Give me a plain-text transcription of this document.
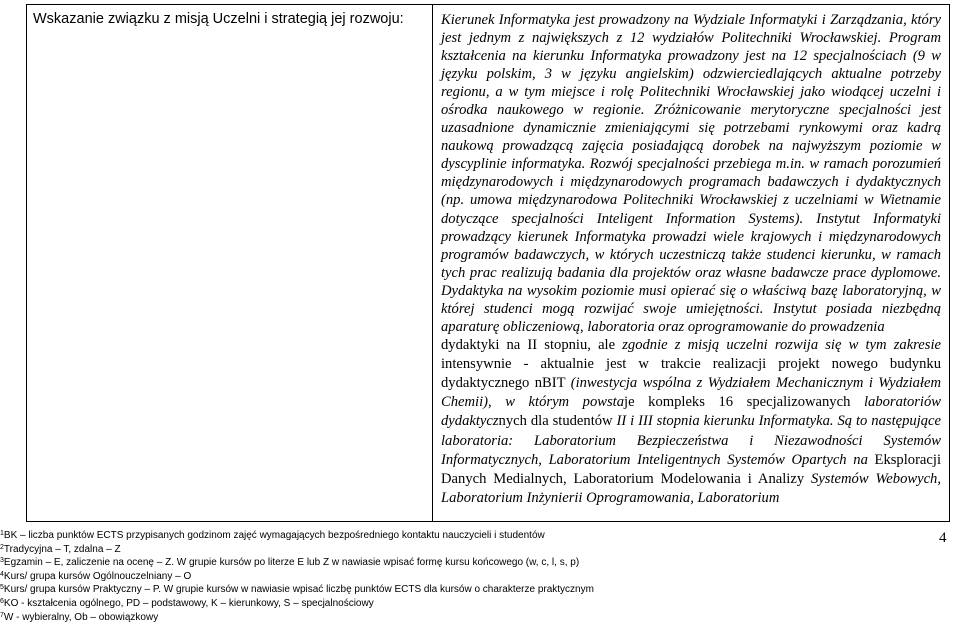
Wskazanie związku z misją Uczelni i strategią jej rozwoju:	Kierunek Informatyka jest prowadzony na Wydziale Informatyki i Zarządzania, który jest jednym z największych z 12 wydziałów Politechniki Wrocławskiej. Program kształcenia na kierunku Informatyka prowadzony jest na 12 specjalnościach (9 w języku polskim, 3 w języku angielskim) odzwierciedlających aktualne potrzeby regionu, a w tym miejsce i rolę Politechniki Wrocławskiej jako wiodącej uczelni i ośrodka naukowego w regionie. Zróżnicowanie merytoryczne specjalności jest uzasadnione dynamicznie zmieniającymi się potrzebami rynkowymi oraz kadrą naukową prowadzącą zajęcia posiadającą dorobek na najwyższym poziomie w dyscyplinie informatyka. Rozwój specjalności przebiega m.in. w ramach porozumień międzynarodowych i międzynarodowych programach badawczych i dydaktycznych (np. umowa międzynarodowa Politechniki Wrocławskiej z uczelniami w Wietnamie dotyczące specjalności Inteligent Information Systems). Instytut Informatyki prowadzący kierunek Informatyka prowadzi wiele krajowych i międzynarodowych programów badawczych, w których uczestniczą także studenci kierunku, w ramach tych prac realizują badania dla projektów oraz własne badawcze prace dyplomowe. Dydaktyka na wysokim poziomie musi opierać się o właściwą bazę laboratoryjną, w której studenci mogą rozwijać swoje umiejętności. Instytut posiada niezbędną aparaturę obliczeniową, laboratoria oraz oprogramowanie do prowadzenia
dydaktyki na II stopniu, ale zgodnie z misją uczelni rozwija się w tym zakresie intensywnie - aktualnie jest w trakcie realizacji projekt nowego budynku dydaktycznego nBIT (inwestycja wspólna z Wydziałem Mechanicznym i Wydziałem Chemii), w którym powstaje kompleks 16 specjalizowanych laboratoriów dydaktycznych dla studentów II i III stopnia kierunku Informatyka. Są to następujące laboratoria: Laboratorium Bezpieczeństwa i Niezawodności Systemów Informatycznych, Laboratorium Inteligentnych Systemów Opartych na Eksploracji Danych Medialnych, Laboratorium Modelowania i Analizy Systemów Webowych, Laboratorium Inżynierii Oprogramowania, Laboratorium
$^1$BK – liczba punktów ECTS przypisanych godzinom zajęć wymagających bezpośredniego kontaktu nauczycieli i studentów
$^2$Tradycyjna – T, zdalna – Z
$^3$Egzamin – E, zaliczenie na ocenę – Z. W grupie kursów po literze E lub Z w nawiasie wpisać formę kursu końcowego (w, c, l, s, p)
$^4$Kurs/ grupa kursów Ogólnouczelniany – O
$^5$Kurs/ grupa kursów Praktyczny – P. W grupie kursów w nawiasie wpisać liczbę punktów ECTS dla kursów o charakterze praktycznym
$^6$KO - kształcenia ogólnego, PD – podstawowy, K – kierunkowy, S – specjalnościowy
$^7$W - wybieralny, Ob – obowiązkowy
4
